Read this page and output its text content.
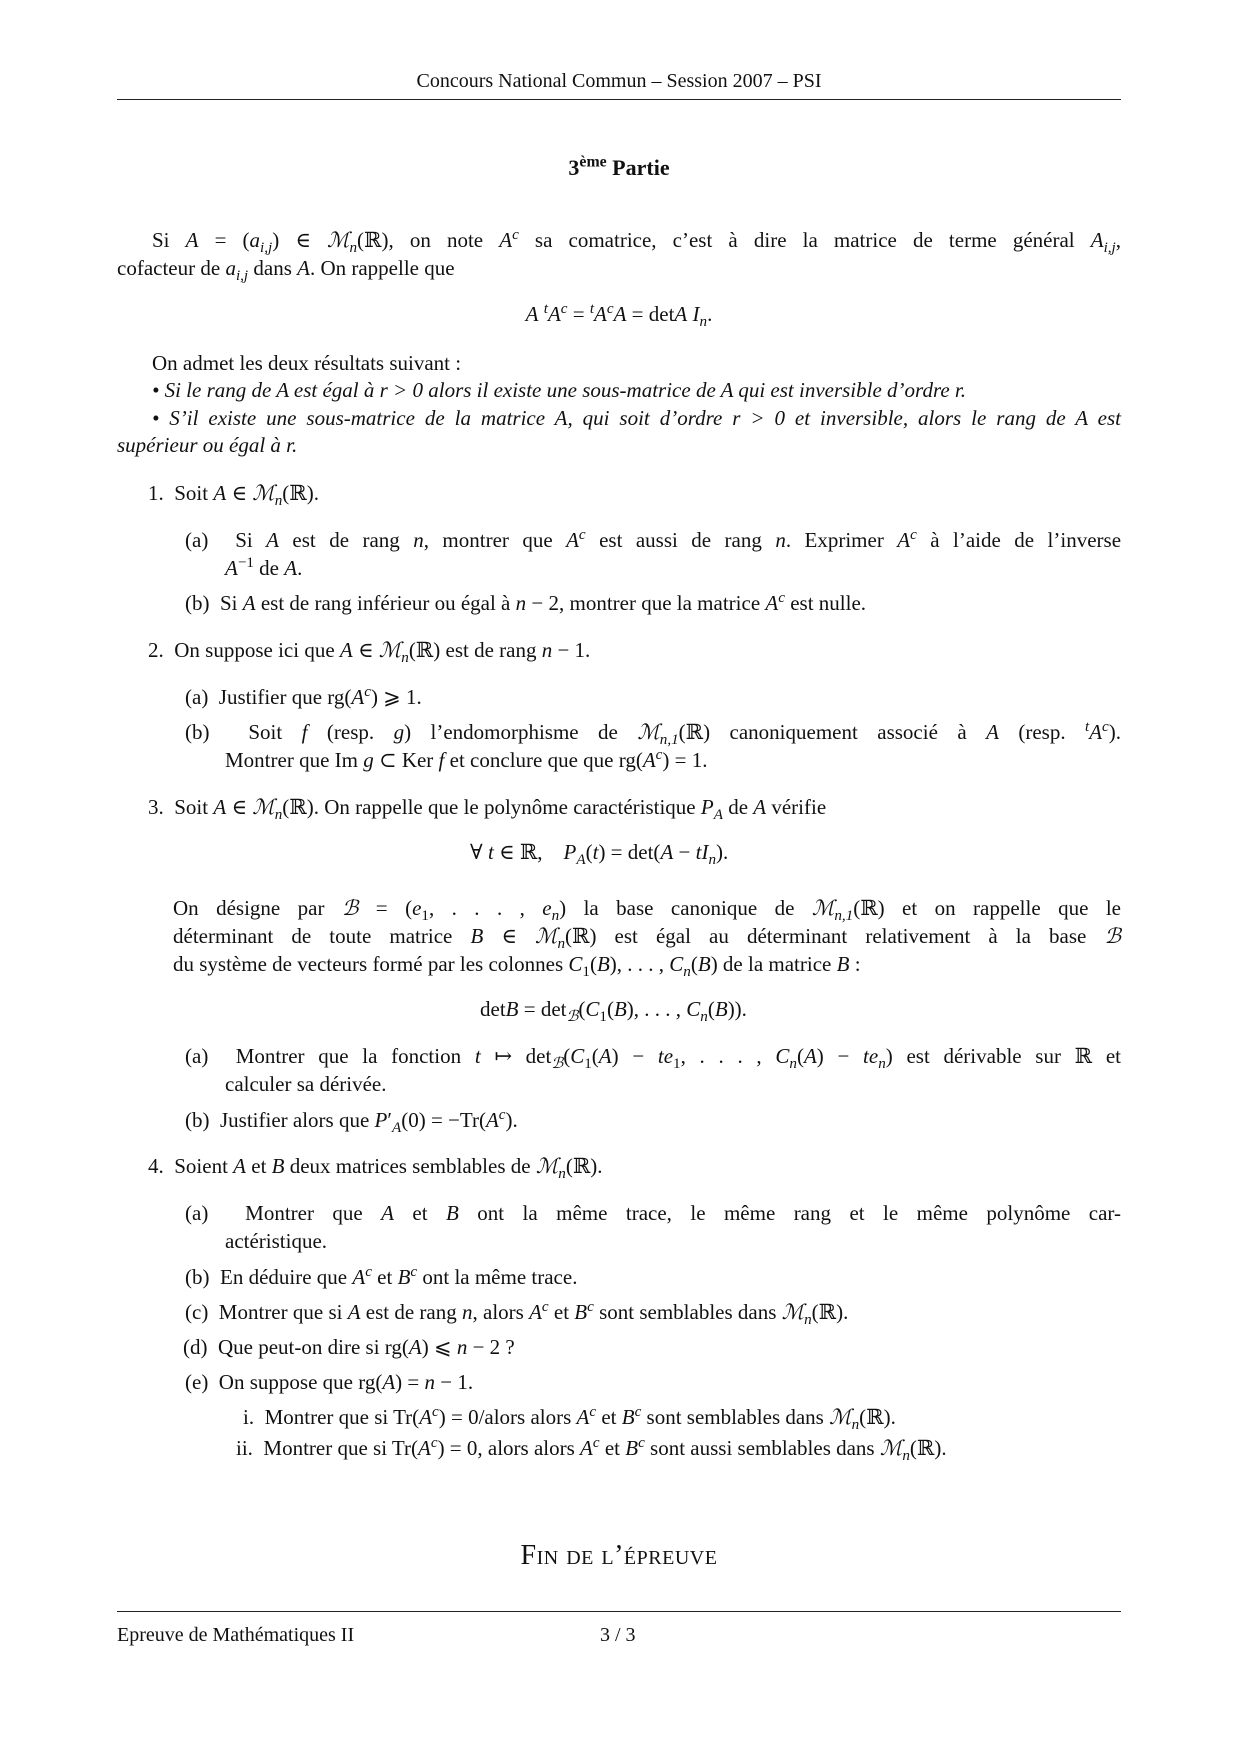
Concours National Commun – Session 2007 – PSI
3ème Partie
Si $A = (a_{i,j})$ ∈ ℳ$_n$(ℝ), on note $A^c$ sa comatrice, c’est à dire la matrice de terme général $A_{i,j}$,
cofacteur de $a_{i,j}$ dans A. On rappelle que
A $^tA^c = ^tA^cA = \det A$ $I_n$.
On admet les deux résultats suivant :
• Si le rang de A est égal à r > 0 alors il existe une sous-matrice de A qui est inversible d’ordre r.
• S’il existe une sous-matrice de la matrice A, qui soit d’ordre r > 0 et inversible, alors le rang de A est
supérieur ou égal à r.
1.  Soit A ∈ ℳ$_n$(ℝ).
(a)  Si A est de rang n, montrer que $A^c$ est aussi de rang n. Exprimer $A^c$ à l’aide de l’inverse
$A^{-1}$ de A.
(b)  Si A est de rang inférieur ou égal à n − 2, montrer que la matrice $A^c$ est nulle.
2.  On suppose ici que A ∈ ℳ$_n$(ℝ) est de rang n − 1.
(a)  Justifier que $rg(A^c)$ ⩾ 1.
(b)  Soit f (resp. g) l’endomorphisme de ℳ$_{n,1}$(ℝ) canoniquement associé à A (resp. $^tA^c$).
Montrer que Im g ⊂ Ker f et conclure que que $rg(A^c) = 1$.
3.  Soit A ∈ ℳ$_n$(ℝ). On rappelle que le polynôme caractéristique $P_A$ de A vérifie
∀ t ∈ ℝ,    $P_A(t) = \det(A - tI_n)$.
On désigne par ℬ = ($e_1$, . . . , $e_n$) la base canonique de ℳ$_{n,1}$(ℝ) et on rappelle que le
déterminant de toute matrice B ∈ ℳ$_n$(ℝ) est égal au déterminant relativement à la base ℬ
du système de vecteurs formé par les colonnes $C_1(B)$, . . . , $C_n(B)$ de la matrice B :
$\det B = \det_ℬ(C_1(B)$, . . . , $C_n(B)$).
(a)  Montrer que la fonction t ↦ $\det_ℬ(C_1(A) - te_1$, . . . , $C_n(A) - te_n$) est dérivable sur ℝ et
calculer sa dérivée.
(b)  Justifier alors que $P'_A(0) = -Tr(A^c)$.
4.  Soient A et B deux matrices semblables de ℳ$_n$(ℝ).
(a)  Montrer que A et B ont la même trace, le même rang et le même polynôme car-
actéristique.
(b)  En déduire que $A^c$ et $B^c$ ont la même trace.
(c)  Montrer que si A est de rang n, alors $A^c$ et $B^c$ sont semblables dans ℳ$_n$(ℝ).
(d)  Que peut-on dire si rg(A) ⩽ n − 2 ?
(e)  On suppose que rg(A) = n − 1.
i.  Montrer que si $Tr(A^c)$ = 0/alors alors $A^c$ et $B^c$ sont semblables dans ℳ$_n$(ℝ).
ii.  Montrer que si $Tr(A^c) = 0$, alors alors $A^c$ et $B^c$ sont aussi semblables dans ℳ$_n$(ℝ).
Fin de l’épreuve
Epreuve de Mathématiques II	3 / 3
